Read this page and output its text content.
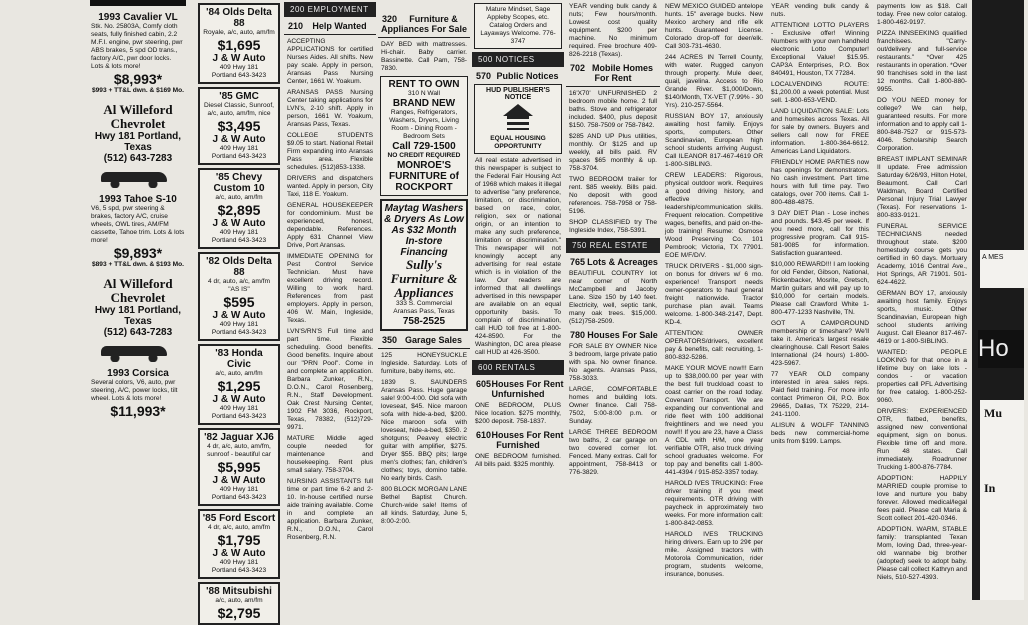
1993 Cavalier VL
Stk. No. 25803A, Comfy cloth seats, fully finished cabin, 2.2 M.F.I. engine, pwr steering, pwr ABS brakes, 5 spd OD trans., factory A/C, pwr door locks. Lots & lots more!
$8,993*
$993 + TT&L dwn. & $169 Mo.
Al Willeford Chevrolet
Hwy 181 Portland, Texas
(512) 643-7283
1993 Tahoe S-10
V6, 5 spd, pwr steering & brakes, factory A/C, cruise wheels, OWL tires, AM/FM cassette, Tahoe trim. Lots & lots more!
$9,893*
$893 + TT&L dwn. & $193 Mo.
Al Willeford Chevrolet
Hwy 181 Portland, Texas
(512) 643-7283
1993 Corsica
Several colors, V6, auto, pwr steering, A/C, power locks, tilt wheel. Lots & lots more!
$11,993*
'84 Olds Delta 88
Royale, a/c, auto, am/fm
$1,695
J & W Auto
409 Hwy 181
Portland 643-3423
'85 GMC
Diesel Classic, Sunroof, a/c, auto, am/fm, nice
$3,495
J & W Auto
409 Hwy 181
Portland 643-3423
'85 Chevy Custom 10
a/c, auto, am/fm
$2,895
J & W Auto
409 Hwy 181
Portland 643-3423
'82 Olds Delta 88
4 dr, auto, a/c, am/fm "AS IS"
$595
J & W Auto
409 Hwy 181
Portland 643-3423
'83 Honda Civic
a/c, auto, am/fm
$1,295
J & W Auto
409 Hwy 181
Portland 643-3423
'82 Jaguar XJ6
4 dr, a/c, auto, am/fm, sunroof - beautiful car
$5,995
J & W Auto
409 Hwy 181
Portland 643-3423
'85 Ford Escort
4 dr, a/c, auto, am/fm
$1,795
J & W Auto
409 Hwy 181
Portland 643-3423
'88 Mitsubishi
a/c, auto, am/fm
$2,795
200 EMPLOYMENT
210 Help Wanted
ACCEPTING APPLICATIONS for certified Nurses Aides. All shifts. New pay scale. Apply in person, Aransas Pass Nursing Center, 1661 W. Yoakum.
ARANSAS PASS Nursing Center taking applications for LVN's, 2-10 shift. Apply in person, 1661 W. Yoakum, Aransas Pass, Texas.
COLLEGE STUDENTS $9.05 to start. National Retail Firm expanding into Aransas Pass area. Flexible schedules. (512)853-1338.
DRIVERS and dispatchers wanted. Apply in person, City Taxi, 118 E. Yoakum.
GENERAL HOUSEKEEPER for condominium. Must be experienced, honest, dependable. References. Apply 631 Channel View Drive, Port Aransas.
IMMEDIATE OPENING for Pest Control Service Technician. Must have excellent driving record. Willing to work hard. References from past employers. Apply in person, 406 W. Main, Ingleside, Texas.
LVN'S/RN'S Full time and part time. Flexible scheduling. Good benefits. Good benefits. Inquire about our "PRN Pool". Come in and complete an application. Barbara Zunker, R.N., D.O.N., Carol Rosenberg, R.N., Staff Development. Oak Crest Nursing Center, 1902 FM 3036, Rockport, Texas, 78382, (512)729-9971.
MATURE Middle aged couple needed for maintenance and housekeeping. Rent plus small salary. 758-3704.
NURSING ASSISTANTS full time or part time 6-2 and 2-10. In-house certified nurse aide training available. Come in and complete an application. Barbara Zunker, R.N., D.O.N., Carol Rosenberg, R.N.
320 Furniture & Appliances For Sale
DAY BED with mattresses. Hi-chair. Baby carrier. Bassinette. Call Pam, 758-7830.
RENT TO OWN
310 N Wall
BRAND NEW
Ranges, Refrigerators, Washers, Dryers, Living Room - Dining Room - Bedroom Sets
Call 729-1500
NO CREDIT REQUIRED
MONROE'S FURNITURE of ROCKPORT
Maytag Washers & Dryers As Low As $32 Month In-store Financing
Sully's Furniture & Appliances
333 S. Commercial Aransas Pass, Texas
758-2525
350 Garage Sales
125 HONEYSUCKLE Ingleside. Saturday. Lots of furniture, baby items, etc.
1839 S. SAUNDERS Aransas Pass. Huge garage sale! 9:00-4:00. Old sofa with loveseat, $45. Nice maroon sofa with hide-a-bed, $200. Nice maroon sofa with loveseat, hide-a-bed, $350. 2 shotguns; Peavey electric guitar with amplifier, $275. Dryer $55. BBQ pits; large men's clothes; fan, children's clothes; toys, domino table. No early birds. Cash.
800 BLOCK MORGAN LANE Bethel Baptist Church. Church-wide sale! Items of all kinds. Saturday, June 5, 8:00-2:00.
Mature Mindset, Sage Appleby Scopes, etc. Catalog Orders and Layaways Welcome. 776-3747
500 NOTICES
570 Public Notices
HUD PUBLISHER'S NOTICE
EQUAL HOUSING OPPORTUNITY
All real estate advertised in this newspaper is subject to the Federal Fair Housing Act of 1968 which makes it illegal to advertise "any preference, limitation, or discrimination, based on race, color, religion, sex or national origin, or an intention to make any such preference, limitation or discrimination." This newspaper will not knowingly accept any advertising for real estate which is in violation of the law. Our readers are informed that all dwellings advertised in this newspaper are available on an equal opportunity basis. To complain of discrimination, call HUD toll free at 1-800-424-8590. For the Washington, DC area please call HUD at 426-3500.
600 RENTALS
605 Houses For Rent Unfurnished
ONE BEDROOM, PLUS Nice location. $275 monthly, $200 deposit. 758-1837.
610 Houses For Rent Furnished
ONE BEDROOM furnished. All bills paid. $325 monthly.
YEAR vending bulk candy & nuts; Few hours/month. Lowest cost quality equipment. $200 per machine. No minimum required. Free brochure 409-826-2218 (Texas).
702 Mobile Homes For Rent
16'X70' UNFURNISHED 2 bedroom mobile home. 2 full baths. Stove and refrigerator included. $400, plus deposit $150. 758-7509 or 758-7842.
$285 AND UP Plus utilities, monthly. Or $125 and up weekly, all bills paid. RV spaces $65 monthly & up. 758-3704.
TWO BEDROOM trailer for rent. $85 weekly. Bills paid. No deposit with good references. 758-7958 or 758-5196.
SHOP CLASSIFIED try The Ingleside Index, 758-5391.
750 REAL ESTATE
765 Lots & Acreages
BEAUTIFUL COUNTRY lot near corner of North McCampbell and Jacoby Lane. Size 150 by 140 feet. Electricity, well, septic tank, many oak trees. $15,000. (512)758-2509.
780 Houses For Sale
FOR SALE BY OWNER Nice 3 bedroom, large private patio with spa. No owner finance. No agents. Aransas Pass, 758-3033.
LARGE, COMFORTABLE homes and building lots. Owner finance. Call 758-7502, 5:00-8:00 p.m. or Sunday.
LARGE THREE BEDROOM two baths, 2 car garage on two covered corner lot. Fenced. Many extras. Call for appointment, 758-8413 or 776-3829.
NEW MEXICO GUIDED antelope hunts. 15" average bucks. New Mexico archery and rifle elk hunts. Guaranteed License. Colorado drop-off for deer/elk. Call 303-731-4630.
244 ACRES IN Terrell County, with water. Rugged canyon through property. Mule deer, quail, javelina. Access to Rio Grande River. $1,000/Down, $140/Month, TX-VET (7.99% - 30 Yrs). 210-257-5564.
RUSSIAN BOY 17, anxiously awaiting host family. Enjoys sports, computers. Other Scandinavian, European high school students arriving August. Call ILEANOR 817-467-4619 OR 1-800-SIBLING.
CREW LEADERS: Rigorous, physical outdoor work. Requires a good driving history, and effective leadership/communication skills. Frequent relocation. Competitive wages, benefits, and paid on-the-job training! Resume: Osmose Wood Preserving Co. 101 Pembrook; Victoria, TX 77901. EOE M/F/D/V.
TRUCK DRIVERS - $1,000 sign-on bonus for drivers w/ 6 mo. experience! Transport needs owner-operators to haul general freight nationwide. Tractor purchase plan avail. Teams welcome. 1-800-348-2147, Dept. KD-4.
ATTENTION: OWNER OPERATORS/drivers, excellent pay & benefits, call: recruiting, 1-800-832-5286.
MAKE YOUR MOVE now!!! Earn up to $38,000.00 per year with the best full truckload coast to coast carrier on the road today. Covenant Transport. We are expanding our conventional and ride fleet with 100 additional freightliners and we need you now!!! If you are 23, have a Class A CDL with H/M, one year verifiable OTR, also truck driving school graduates welcome. For top pay and benefits call 1-800-441-4394 / 915-852-3357 today.
HAROLD IVES TRUCKING: Free driver training if you meet requirements. OTR driving with paycheck in approximately two weeks. For more information call: 1-800-842-0853.
HAROLD IVES TRUCKING hiring drivers. Earn up to 29¢ per mile. Assigned tractors with Motorola Communication, rider program, students welcome, insurance, bonuses.
YEAR vending bulk candy & nuts.
ATTENTION! LOTTO PLAYERS - Exclusive offer! Winning Numbers with your own handheld electronic Lotto Computer! Exceptional Value! $15.95. CAP3A Enterprises, P.O. Box 840491, Houston, TX 77284.
LOCALVENDING ROUTE: $1,200.00 a week potential. Must sell. 1-800-653-VEND.
LAND LIQUIDATION SALE: Lots and homesites across Texas. All for sale by owners. Buyers and sellers call now for FREE information. 1-800-364-6612. Americas Land Liquidators.
FRIENDLY HOME PARTIES now has openings for demonstrators. No cash investment. Part time hours with full time pay. Two catalogs, over 700 items. Call 1-800-488-4875.
3 DAY DIET Plan - Lose inches and pounds. $43.45 per week. If you need more, call for this progressive program. Call 915-581-9085 for information. Satisfaction guaranteed.
$10,000 REWARD!!! I am looking for old Fender, Gibson, National, Rickenbacker, Mosrite, Gretsch, Martin guitars and will pay up to $10,000 for certain models. Please call Crawford White 1-800-477-1233 Nashville, TN.
GOT A CAMPGROUND membership or timeshare? We'll take it. America's largest resale clearinghouse. Call Resort Sales International (24 hours) 1-800-423-5967.
77 YEAR OLD company interested in area sales reps. Paid field training. For more info contact Primeron Oil, P.O. Box 29665, Dallas, TX 75229, 214-241-1100.
ALISUN & WOLFF TANNING beds new commercial-home units from $199. Lamps.
payments low as $18. Call today. Free new color catalog. 1-800-462-9197.
PIZZA INNSEEKING qualified franchisees. "Carry-out/delivery and full-service restaurants." *Over 425 restaurants in operation. *Over 90 franchises sold in the last 12 months. Call 1-800-880-9955.
DO YOU NEED money for college? We can help, guaranteed results. For more information and to apply call 1-800-848-7527 or 915-573-4046. Scholarship Search Corporation.
BREAST IMPLANT SEMINAR II update. Free admission Saturday 6/26/93, Hilton Hotel, Beaumont. Call Carl Waldman, Board Certified Personal Injury Trial Lawyer (Texas). For reservations 1-800-833-9121.
FUNERAL SERVICE TECHNICIANS needed throughout state. $200 homestudy course gets you certified in 60 days. Mortuary Academy, 1016 Central Ave., Hot Springs, AR 71901. 501-624-4622.
GERMAN BOY 17, anxiously awaiting host family. Enjoys sports, music. Other Scandinavian, European high school students arriving August. Call Eleanor 817-467-4619 or 1-800-SIBLING.
WANTED: PEOPLE LOOKING for that once in a lifetime buy on lake lots - condos - or vacation properties call PFL Advertising for free catalog. 1-800-252-9060.
DRIVERS: EXPERIENCED OTR, flatbed, benefits, assigned new conventional equipment, sign on bonus. Flexible time off and more. Run 48 states. Call immediately. Roadrunner Trucking 1-800-876-7784.
ADOPTION: HAPPILY MARRIED couple promise to love and nurture you baby forever. Allowed medical/legal fees paid. Please call Maria & Scott collect 201-420-0346.
ADOPTION. WARM, STABLE family: transplanted Texan Mom, loving Dad, three-year-old wannabe big brother (adopted) seek to adopt baby. Please call collect Kathryn and Niels, 510-527-4393.
A MES
Ho
Mu
In
